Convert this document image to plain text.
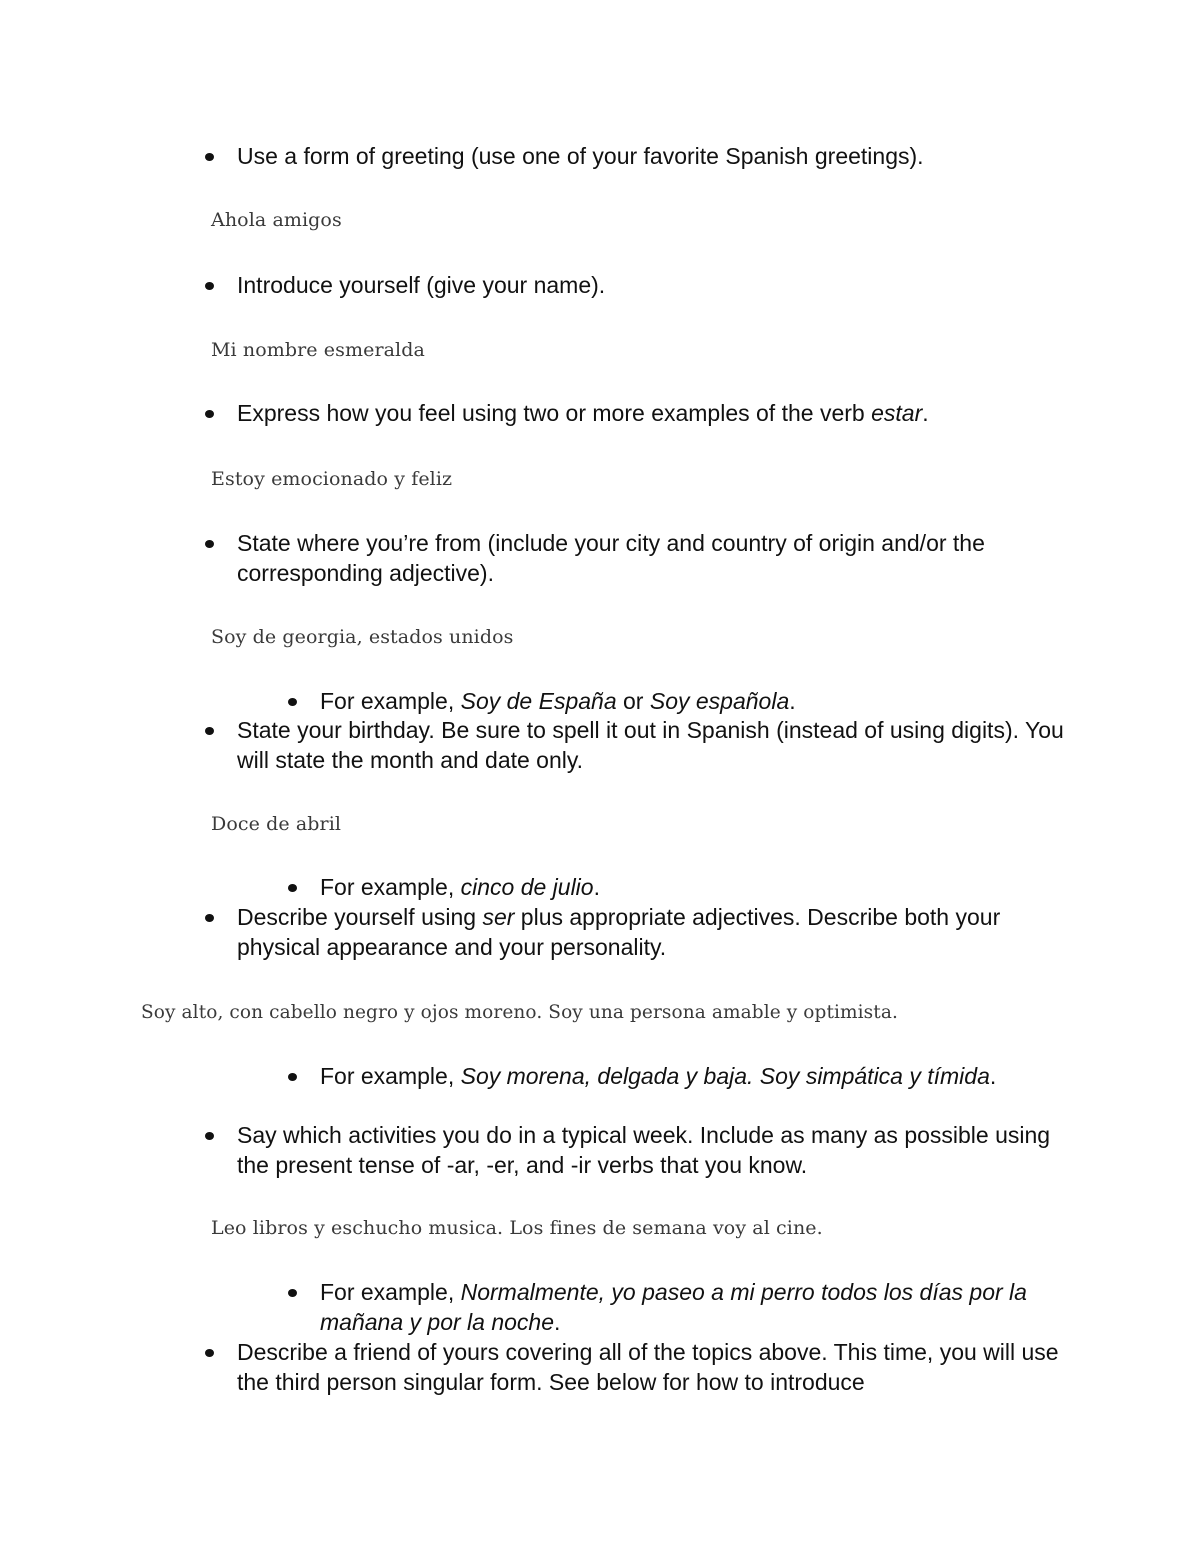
Use a form of greeting (use one of your favorite Spanish greetings).

Ahola amigos

Introduce yourself (give your name).

Mi nombre esmeralda

Express how you feel using two or more examples of the verb estar.

Estoy emocionado y feliz

State where you’re from (include your city and country of origin and/or the corresponding adjective).

Soy de georgia, estados unidos

For example, Soy de España or Soy española.

State your birthday. Be sure to spell it out in Spanish (instead of using digits). You will state the month and date only.

Doce de abril

For example, cinco de julio.

Describe yourself using ser plus appropriate adjectives. Describe both your physical appearance and your personality.

Soy alto, con cabello negro y ojos moreno. Soy una persona amable y optimista.

For example, Soy morena, delgada y baja. Soy simpática y tímida.

Say which activities you do in a typical week. Include as many as possible using the present tense of -ar, -er, and -ir verbs that you know.

Leo libros y eschucho musica. Los fines de semana voy al cine.

For example, Normalmente, yo paseo a mi perro todos los días por la mañana y por la noche.

Describe a friend of yours covering all of the topics above. This time, you will use the third person singular form. See below for how to introduce
